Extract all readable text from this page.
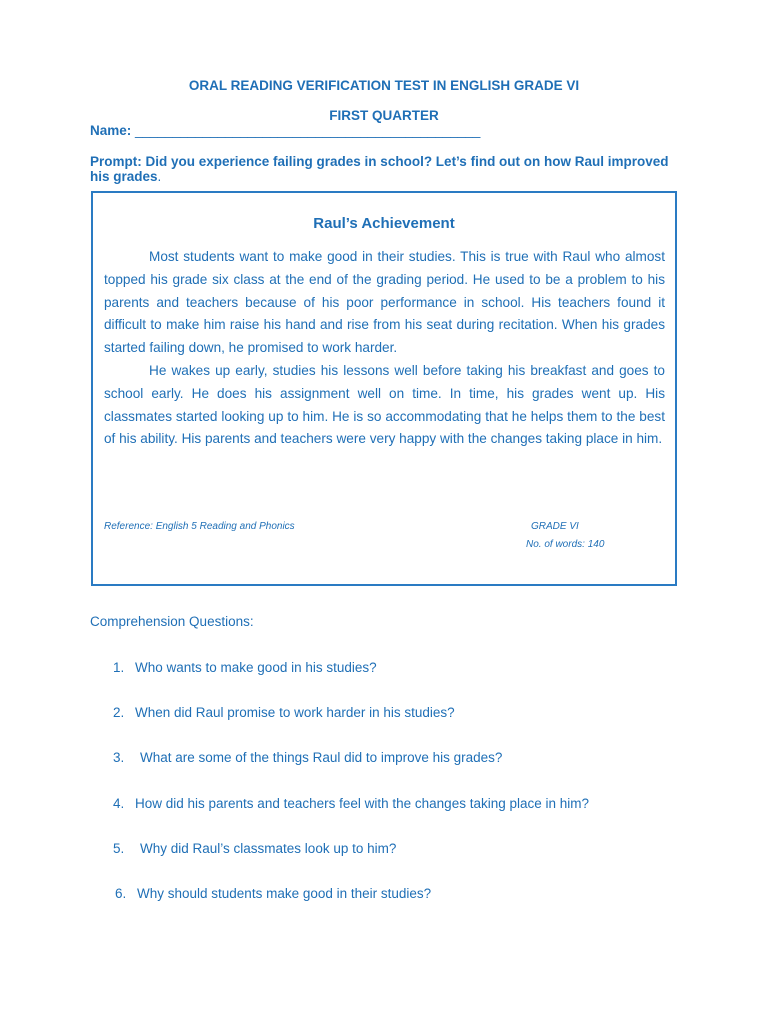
ORAL READING VERIFICATION TEST IN ENGLISH GRADE VI
FIRST QUARTER
Name: ______________________________________________
Prompt: Did you experience failing grades in school? Let’s find out on how Raul improved his grades.
Raul’s Achievement

Most students want to make good in their studies. This is true with Raul who almost topped his grade six class at the end of the grading period. He used to be a problem to his parents and teachers because of his poor performance in school. His teachers found it difficult to make him raise his hand and rise from his seat during recitation. When his grades started failing down, he promised to work harder.

He wakes up early, studies his lessons well before taking his breakfast and goes to school early. He does his assignment well on time. In time, his grades went up. His classmates started looking up to him. He is so accommodating that he helps them to the best of his ability. His parents and teachers were very happy with the changes taking place in him.

Reference: English 5 Reading and Phonics	GRADE VI
No. of words: 140
Comprehension Questions:
1. Who wants to make good in his studies?
2. When did Raul promise to work harder in his studies?
3. What are some of the things Raul did to improve his grades?
4. How did his parents and teachers feel with the changes taking place in him?
5. Why did Raul’s classmates look up to him?
6. Why should students make good in their studies?
